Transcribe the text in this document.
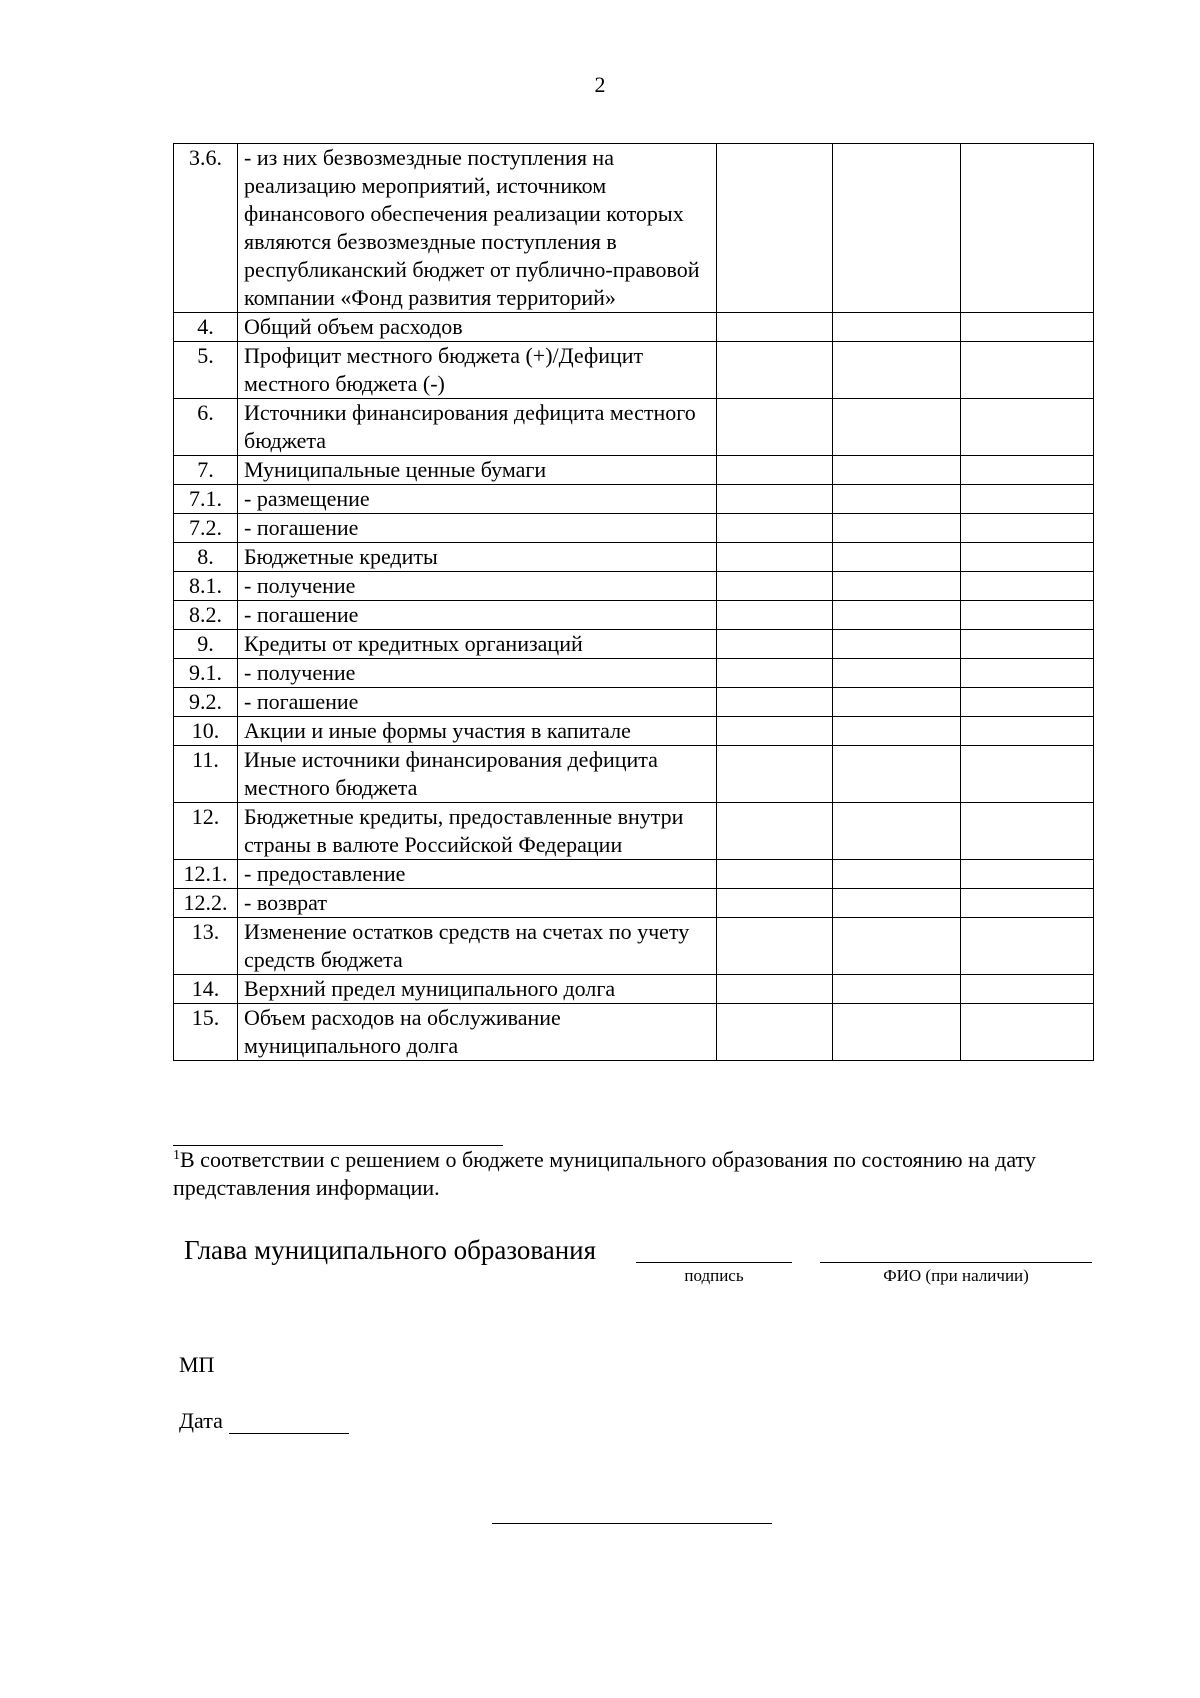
2
3.6.	- из них безвозмездные поступления на реализацию мероприятий, источником финансового обеспечения реализации которых являются безвозмездные поступления в республиканский бюджет от публично-правовой компании «Фонд развития территорий»			
4.	Общий объем расходов			
5.	Профицит местного бюджета (+)/Дефицит местного бюджета (-)			
6.	Источники финансирования дефицита местного бюджета			
7.	Муниципальные ценные бумаги			
7.1.	- размещение			
7.2.	- погашение			
8.	Бюджетные кредиты			
8.1.	- получение			
8.2.	- погашение			
9.	Кредиты от кредитных организаций			
9.1.	- получение			
9.2.	- погашение			
10.	Акции и иные формы участия в капитале			
11.	Иные источники финансирования дефицита местного бюджета			
12.	Бюджетные кредиты, предоставленные внутри страны в валюте Российской Федерации			
12.1.	- предоставление			
12.2.	- возврат			
13.	Изменение остатков средств на счетах по учету средств бюджета			
14.	Верхний предел муниципального долга			
15.	Объем расходов на обслуживание муниципального долга			
$^1$В соответствии с решением о бюджете муниципального образования по состоянию на дату представления информации.
Глава муниципального образования
подпись	ФИО (при наличии)
МП
Дата
